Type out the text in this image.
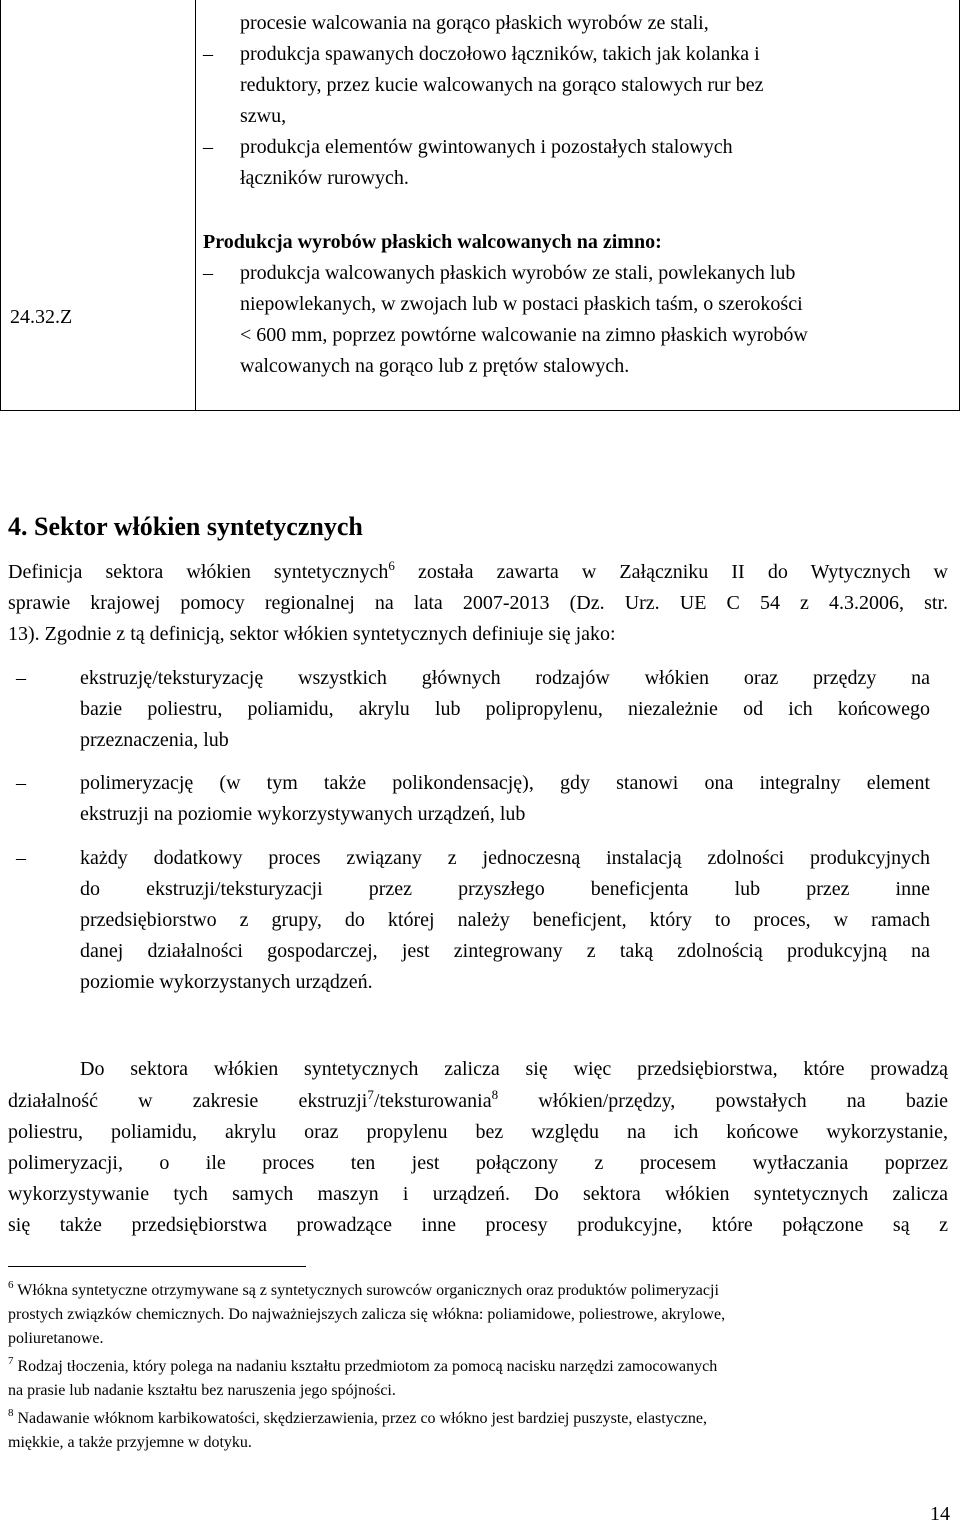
24.32.Z
procesie walcowania na gorąco płaskich wyrobów ze stali,
–	produkcja spawanych doczołowo łączników, takich jak kolanka i
reduktory, przez kucie walcowanych na gorąco stalowych rur bez
szwu,
–	produkcja elementów gwintowanych i pozostałych stalowych
łączników rurowych.
Produkcja wyrobów płaskich walcowanych na zimno:
–	produkcja walcowanych płaskich wyrobów ze stali, powlekanych lub
niepowlekanych, w zwojach lub w postaci płaskich taśm, o szerokości
< 600 mm, poprzez powtórne walcowanie na zimno płaskich wyrobów
walcowanych na gorąco lub z prętów stalowych.
4. Sektor włókien syntetycznych
Definicja sektora włókien syntetycznych$^6$ została zawarta w Załączniku II do Wytycznych w
sprawie krajowej pomocy regionalnej na lata 2007-2013 (Dz. Urz. UE C 54 z 4.3.2006, str.
13). Zgodnie z tą definicją, sektor włókien syntetycznych definiuje się jako:
–	ekstruzję/teksturyzację wszystkich głównych rodzajów włókien oraz przędzy na
bazie poliestru, poliamidu, akrylu lub polipropylenu, niezależnie od ich końcowego
przeznaczenia, lub
–	polimeryzację (w tym także polikondensację), gdy stanowi ona integralny element
ekstruzji na poziomie wykorzystywanych urządzeń, lub
–	każdy dodatkowy proces związany z jednoczesną instalacją zdolności produkcyjnych
do ekstruzji/teksturyzacji przez przyszłego beneficjenta lub przez inne
przedsiębiorstwo z grupy, do której należy beneficjent, który to proces, w ramach
danej działalności gospodarczej, jest zintegrowany z taką zdolnością produkcyjną na
poziomie wykorzystanych urządzeń.
Do sektora włókien syntetycznych zalicza się więc przedsiębiorstwa, które prowadzą
działalność w zakresie ekstruzji$^7$/teksturowania$^8$ włókien/przędzy, powstałych na bazie
poliestru, poliamidu, akrylu oraz propylenu bez względu na ich końcowe wykorzystanie,
polimeryzacji, o ile proces ten jest połączony z procesem wytłaczania poprzez
wykorzystywanie tych samych maszyn i urządzeń. Do sektora włókien syntetycznych zalicza
się także przedsiębiorstwa prowadzące inne procesy produkcyjne, które połączone są z
$^6$ Włókna syntetyczne otrzymywane są z syntetycznych surowców organicznych oraz produktów polimeryzacji
prostych związków chemicznych. Do najważniejszych zalicza się włókna: poliamidowe, poliestrowe, akrylowe,
poliuretanowe.
$^7$ Rodzaj tłoczenia, który polega na nadaniu kształtu przedmiotom za pomocą nacisku narzędzi zamocowanych
na prasie lub nadanie kształtu bez naruszenia jego spójności.
$^8$ Nadawanie włóknom karbikowatości, skędzierzawienia, przez co włókno jest bardziej puszyste, elastyczne,
miękkie, a także przyjemne w dotyku.
14
